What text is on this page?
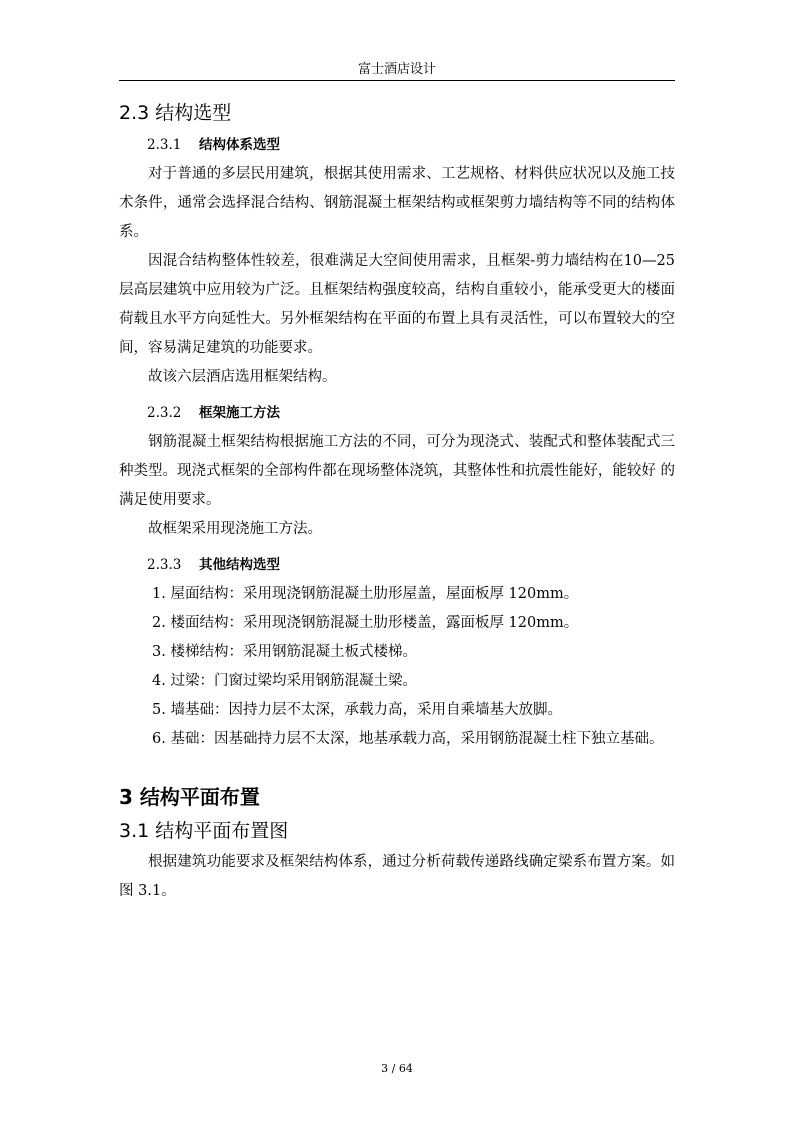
富士酒店设计
2.3 结构选型
2.3.1 结构体系选型

对于普通的多层民用建筑，根据其使用需求、工艺规格、材料供应状况以及施工技术条件，通常会选择混合结构、钢筋混凝土框架结构或框架剪力墙结构等不同的结构体系。

因混合结构整体性较差，很难满足大空间使用需求，且框架-剪力墙结构在10—25层高层建筑中应用较为广泛。且框架结构强度较高，结构自重较小，能承受更大的楼面荷载且水平方向延性大。另外框架结构在平面的布置上具有灵活性，可以布置较大的空间，容易满足建筑的功能要求。

故该六层酒店选用框架结构。

2.3.2 框架施工方法

钢筋混凝土框架结构根据施工方法的不同，可分为现浇式、装配式和整体装配式三种类型。现浇式框架的全部构件都在现场整体浇筑，其整体性和抗震性能好，能较好 的满足使用要求。

故框架采用现浇施工方法。

2.3.3 其他结构选型

1. 屋面结构：采用现浇钢筋混凝土肋形屋盖，屋面板厚 120mm。

2. 楼面结构：采用现浇钢筋混凝土肋形楼盖，露面板厚 120mm。

3. 楼梯结构：采用钢筋混凝土板式楼梯。

4. 过梁：门窗过梁均采用钢筋混凝土梁。

5. 墙基础：因持力层不太深，承载力高，采用自乘墙基大放脚。

6. 基础：因基础持力层不太深，地基承载力高，采用钢筋混凝土柱下独立基础。

3 结构平面布置
3.1 结构平面布置图

根据建筑功能要求及框架结构体系，通过分析荷载传递路线确定梁系布置方案。如图 3.1。

3 / 64
